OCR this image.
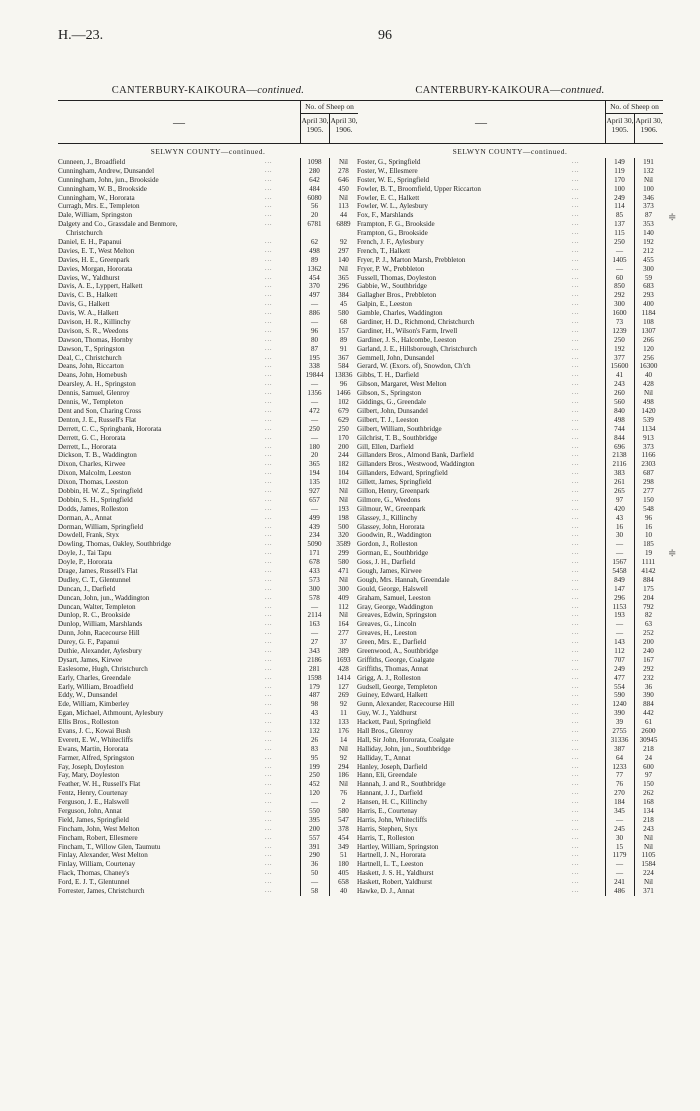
H.—23.	96
CANTERBURY-KAIKOURA—continued.
—
No. of Sheep on
April 30, 1905.
April 30, 1906.
SELWYN COUNTY—continued.
Cunneen, J., Broadfield	...	1098	Nil
Cunningham, Andrew, Dunsandel	...	280	278
Cunningham, John, jun., Brookside	...	642	646
Cunningham, W. B., Brookside	...	484	450
Cunningham, W., Hororata	...	6080	Nil
Curragh, Mrs. E., Templeton	...	56	113
Dale, William, Springston	...	20	44
Dalgety and Co., Grassdale and Benmore,	...	6781	6889
Christchurch
Daniel, E. H., Papanui	...	62	92
Davies, E. T., West Melton	...	498	297
Davies, H. E., Greenpark	...	89	140
Davies, Morgan, Hororata	...	1362	Nil
Davies, W., Yaldhurst	...	454	365
Davis, A. E., Lyppert, Halkett	...	370	296
Davis, C. B., Halkett	...	497	384
Davis, G., Halkett	...	—	45
Davis, W. A., Halkett	...	886	580
Davison, H. R., Killinchy	...	—	68
Davison, S. R., Weedons	...	96	157
Dawson, Thomas, Hornby	...	80	89
Dawson, T., Springston	...	87	91
Deal, C., Christchurch	...	195	367
Deans, John, Riccarton	...	338	584
Deans, John, Homebush	...	19844	13836
Dearsley, A. H., Springston	...	—	96
Dennis, Samuel, Glenroy	...	1356	1466
Dennis, W., Templeton	...	—	102
Dent and Son, Charing Cross	...	472	679
Denton, J. E., Russell's Flat	...	—	629
Derrett, C. C., Springbank, Hororata	...	250	250
Derrett, G. C., Hororata	...	—	170
Derrett, L., Hororata	...	180	200
Dickson, T. B., Waddington	...	20	244
Dixon, Charles, Kirwee	...	365	182
Dixon, Malcolm, Leeston	...	194	104
Dixon, Thomas, Leeston	...	135	102
Dobbin, H. W. Z., Springfield	...	927	Nil
Dobbin, S. H., Springfield	...	657	Nil
Dodds, James, Rolleston	...	—	193
Dorman, A., Annat	...	499	198
Dorman, William, Springfield	...	439	500
Dowdell, Frank, Styx	...	234	320
Dowling, Thomas, Oakley, Southbridge	...	5090	3589
Doyle, J., Tai Tapu	...	171	299
Doyle, P., Hororata	...	678	580
Drage, James, Russell's Flat	...	433	471
Dudley, C. T., Glentunnel	...	573	Nil
Duncan, J., Darfield	...	300	300
Duncan, John, jun., Waddington	...	578	409
Duncan, Walter, Templeton	...	—	112
Dunlop, R. C., Brookside	...	2114	Nil
Dunlop, William, Marshlands	...	163	164
Dunn, John, Racecourse Hill	...	—	277
Durey, G. F., Papanui	...	27	37
Duthie, Alexander, Aylesbury	...	343	389
Dysart, James, Kirwee	...	2186	1693
Easlesome, Hugh, Christchurch	...	281	428
Early, Charles, Greendale	...	1598	1414
Early, William, Broadfield	...	179	127
Eddy, W., Dunsandel	...	487	269
Ede, William, Kimberley	...	98	92
Egan, Michael, Athmount, Aylesbury	...	43	11
Ellis Bros., Rolleston	...	132	133
Evans, J. C., Kowai Bush	...	132	176
Everett, E. W., Whitecliffs	...	26	14
Ewans, Martin, Hororata	...	83	Nil
Farmer, Alfred, Springston	...	95	92
Fay, Joseph, Doyleston	...	199	294
Fay, Mary, Doyleston	...	250	186
Feather, W. H., Russell's Flat	...	452	Nil
Fentz, Henry, Courtenay	...	120	76
Ferguson, J. E., Halswell	...	—	2
Ferguson, John, Annat	...	550	580
Field, James, Springfield	...	395	547
Fincham, John, West Melton	...	200	378
Fincham, Robert, Ellesmere	...	557	454
Fincham, T., Willow Glen, Taumutu	...	391	349
Finlay, Alexander, West Melton	...	290	51
Finlay, William, Courtenay	...	36	180
Flack, Thomas, Chaney's	...	50	405
Ford, E. J. T., Glentunnel	...	—	658
Forrester, James, Christchurch	...	58	40
CANTERBURY-KAIKOURA—contnued.
—
No. of Sheep on
April 30, 1905.
April 30, 1906.
SELWYN COUNTY—continued.
Foster, G., Springfield	...	149	191
Foster, W., Ellesmere	...	119	132
Foster, W. E., Springfield	...	170	Nil
Fowler, B. T., Broomfield, Upper Riccarton	...	100	100
Fowler, E. C., Halkett	...	249	346
Fowler, W. L., Aylesbury	...	114	373
Fox, F., Marshlands	...	85	87
Frampton, F. G., Brookside	...	137	353
Frampton, G., Brookside	...	115	140
French, J. F., Aylesbury	...	250	192
French, T., Halkett	...	—	212
Fryer, P. J., Marton Marsh, Prebbleton	...	1405	455
Fryer, P. W., Prebbleton	...	—	300
Fussell, Thomas, Doyleston	...	60	59
Gabbie, W., Southbridge	...	850	683
Gallagher Bros., Prebbleton	...	292	293
Galpin, E., Leeston	...	300	400
Gamble, Charles, Waddington	...	1600	1184
Gardiner, H. D., Richmond, Christchurch	...	73	108
Gardiner, H., Wilson's Farm, Irwell	...	1239	1307
Gardiner, J. S., Halcombe, Leeston	...	250	266
Garland, J. E., Hillsborough, Christchurch	...	192	120
Gemmell, John, Dunsandel	...	377	256
Gerard, W. (Exors. of), Snowdon, Ch'ch	...	15600	16300
Gibbs, T. H., Darfield	...	41	40
Gibson, Margaret, West Melton	...	243	428
Gibson, S., Springston	...	260	Nil
Giddings, G., Greendale	...	560	498
Gilbert, John, Dunsandel	...	840	1420
Gilbert, T. J., Leeston	...	498	539
Gilbert, William, Southbridge	...	744	1134
Gilchrist, T. B., Southbridge	...	844	913
Gill, Ellen, Darfield	...	696	373
Gillanders Bros., Almond Bank, Darfield	...	2138	1166
Gillanders Bros., Westwood, Waddington	...	2116	2303
Gillanders, Edward, Springfield	...	383	687
Gillett, James, Springfield	...	261	298
Gillon, Henry, Greenpark	...	265	277
Gilmore, G., Weedons	...	97	150
Gilmour, W., Greenpark	...	420	548
Glassey, J., Killinchy	...	43	96
Glassey, John, Hororata	...	16	16
Goodwin, R., Waddington	...	30	10
Gordon, J., Rolleston	...	—	185
Gorman, E., Southbridge	...	—	19
Goss, J. H., Darfield	...	1567	1111
Gough, James, Kirwee	...	5458	4142
Gough, Mrs. Hannah, Greendale	...	849	884
Gould, George, Halswell	...	147	175
Graham, Samuel, Leeston	...	296	204
Gray, George, Waddington	...	1153	792
Greaves, Edwin, Springston	...	193	82
Greaves, G., Lincoln	...	—	63
Greaves, H., Leeston	...	—	252
Green, Mrs. E., Darfield	...	143	200
Greenwood, A., Southbridge	...	112	240
Griffiths, George, Coalgate	...	707	167
Griffiths, Thomas, Annat	...	249	292
Grigg, A. J., Rolleston	...	477	232
Gudsell, George, Templeton	...	554	36
Guiney, Edward, Halkett	...	590	390
Gunn, Alexander, Racecourse Hill	...	1240	884
Guy, W. J., Yaldhurst	...	390	442
Hackett, Paul, Springfield	...	39	61
Hall Bros., Glenroy	...	2755	2600
Hall, Sir John, Hororata, Coalgate	...	31336	30945
Halliday, John, jun., Southbridge	...	387	218
Halliday, T., Annat	...	64	24
Hanley, Joseph, Darfield	...	1233	600
Hann, Eli, Greendale	...	77	97
Hannah, J. and R., Southbridge	...	76	150
Hannant, J. J., Darfield	...	270	262
Hansen, H. C., Killinchy	...	184	168
Harris, E., Courtenay	...	345	134
Harris, John, Whitecliffs	...	—	218
Harris, Stephen, Styx	...	245	243
Harris, T., Rolleston	...	30	Nil
Hartley, William, Springston	...	15	Nil
Hartnell, J. N., Hororata	...	1179	1105
Hartnell, L. T., Leeston	...	—	1584
Haskett, J. S. H., Yaldhurst	...	—	224
Haskett, Robert, Yaldhurst	...	241	Nil
Hawke, D. J., Annat	...	486	371
≑
≑
